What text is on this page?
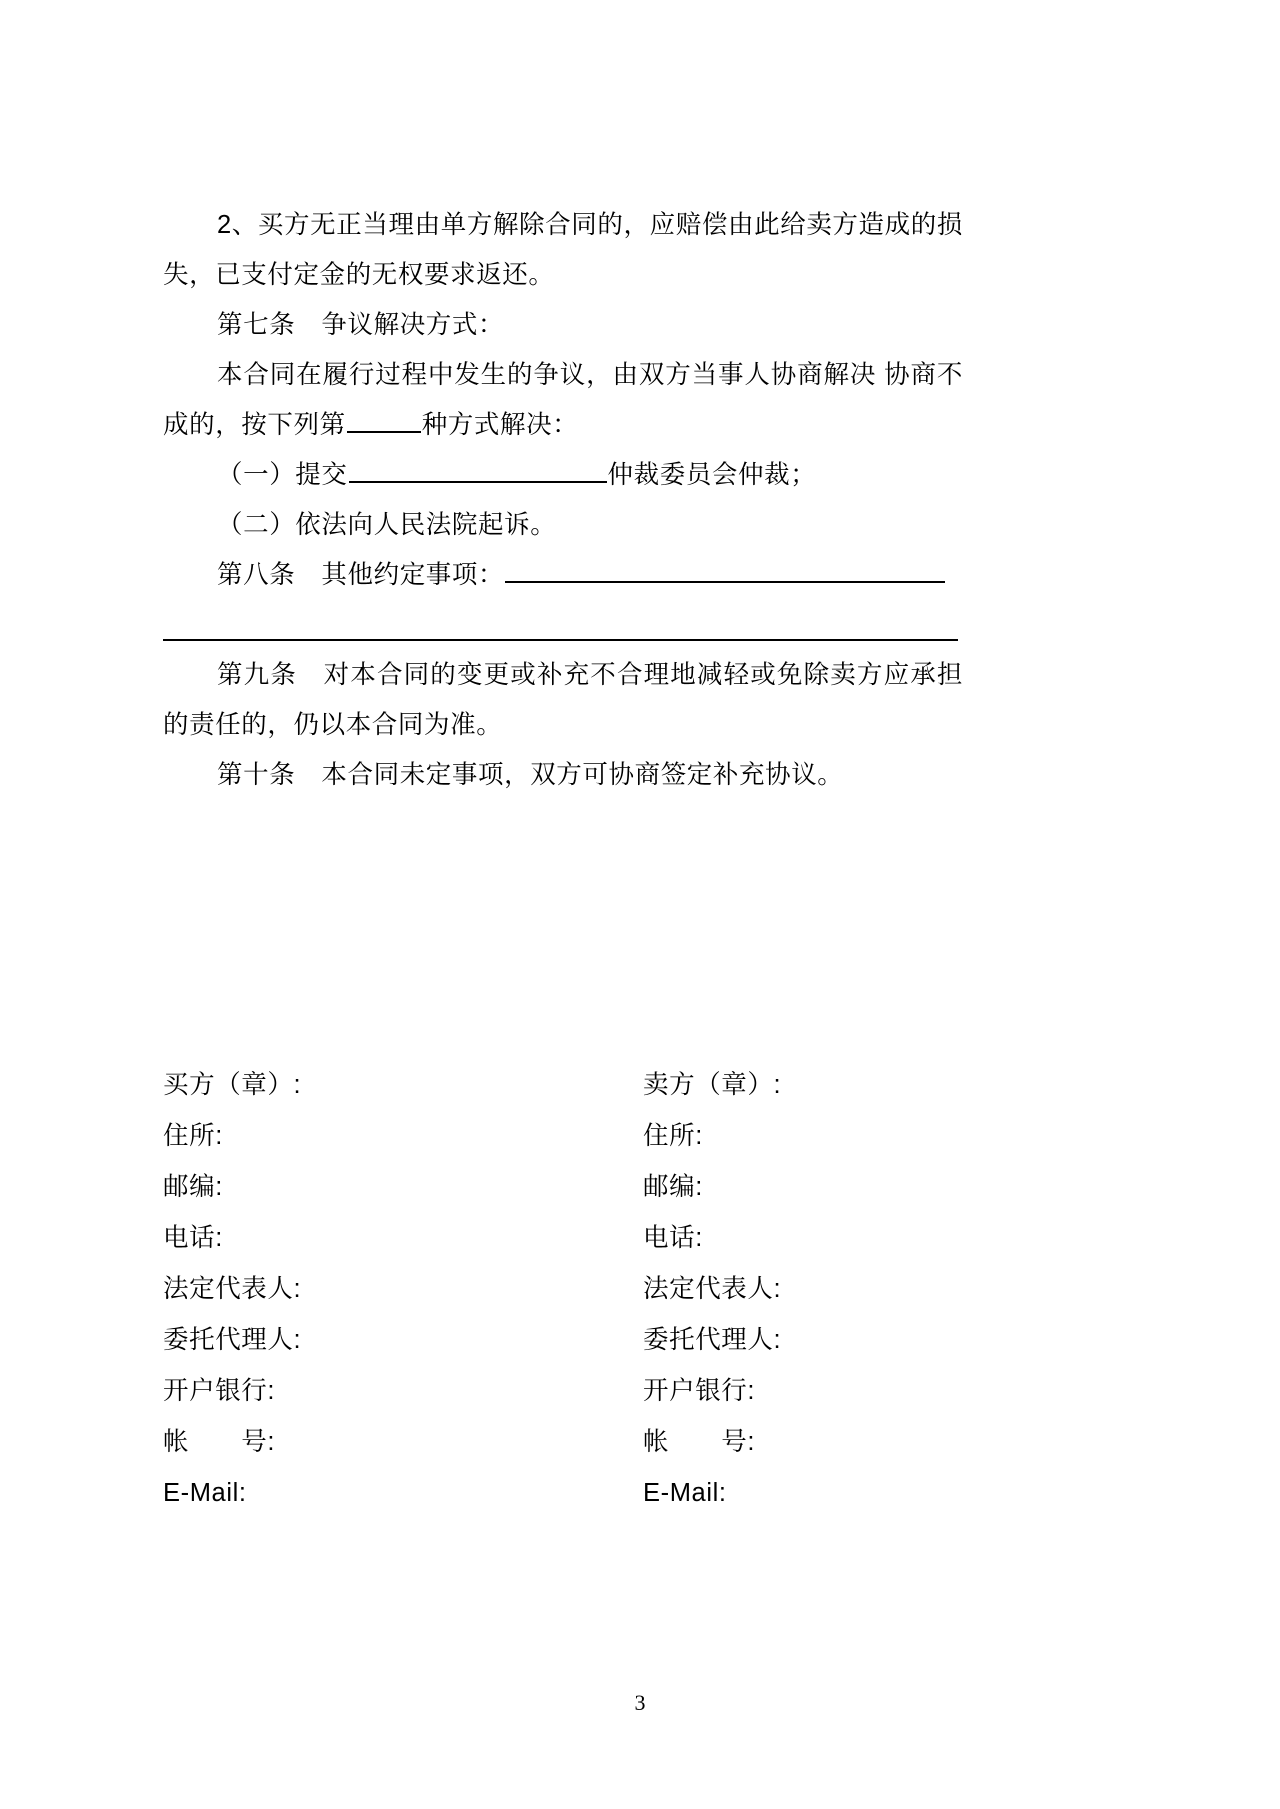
2、买方无正当理由单方解除合同的，应赔偿由此给卖方造成的损失，已支付定金的无权要求返还。

第七条　争议解决方式：

本合同在履行过程中发生的争议，由双方当事人协商解决 协商不成的，按下列第	种方式解决：

（一）提交	仲裁委员会仲裁；

（二）依法向人民法院起诉。

第八条　其他约定事项：

第九条　对本合同的变更或补充不合理地减轻或免除卖方应承担的责任的，仍以本合同为准。

第十条　本合同未定事项，双方可协商签定补充协议。

买方（章）:	卖方（章）:
住所:	住所:
邮编:	邮编:
电话:	电话:
法定代表人:	法定代表人:
委托代理人:	委托代理人:
开户银行:	开户银行:
帐　　号:	帐　　号:
E-Mail:	E-Mail:
3
